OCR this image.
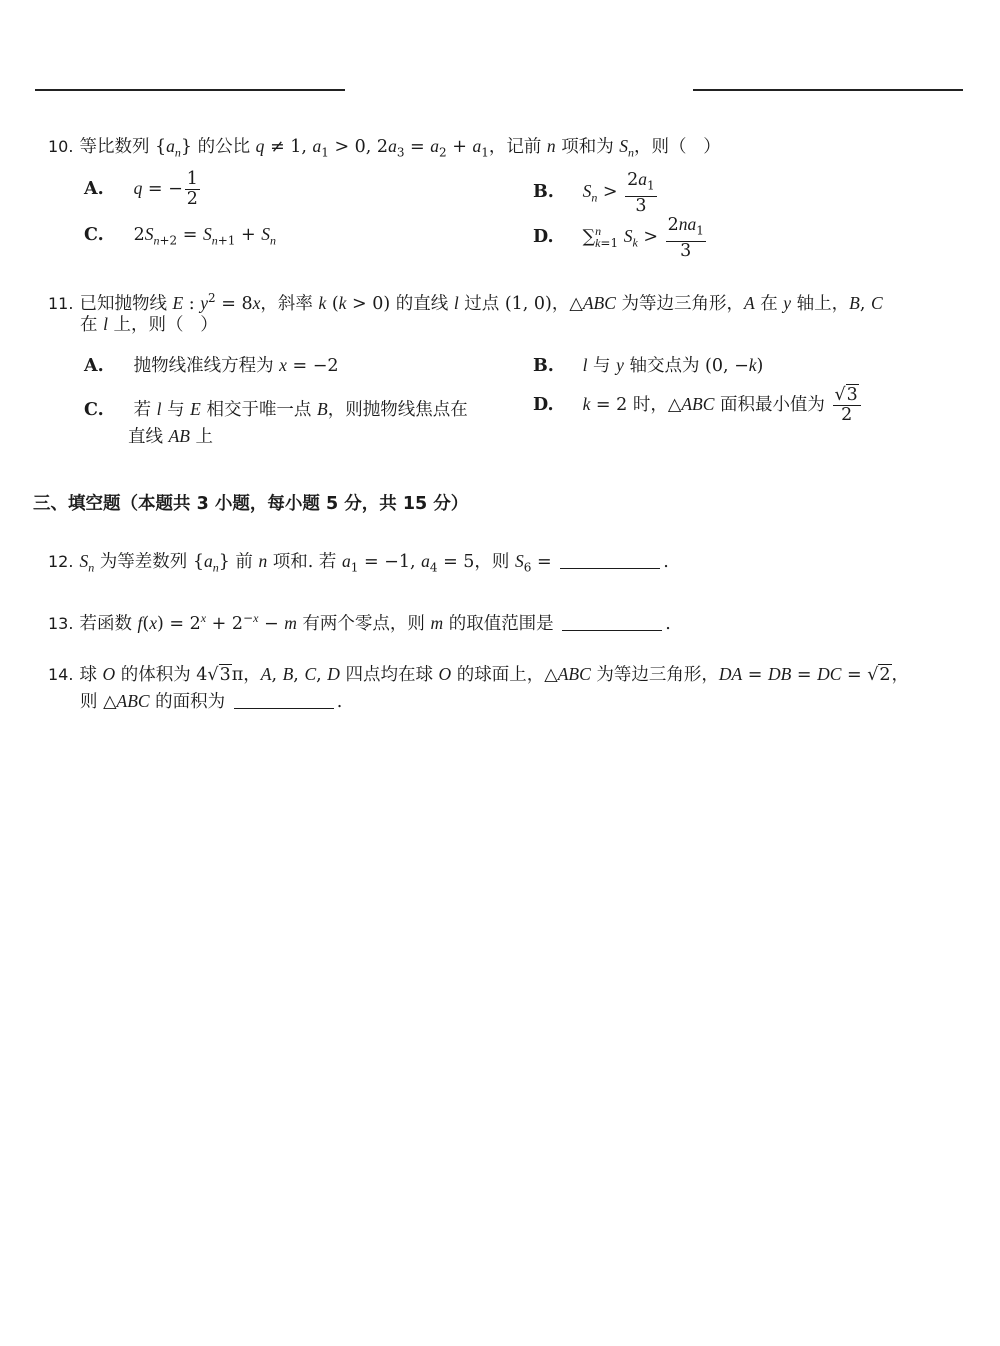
10. 等比数列 $\{a_n\}$ 的公比 q ≠ 1, $a_1 > 0$, $2a_3 = a_2 + a_1$，记前 n 项和为 $S_n$，则（   ）
A. q = − $\frac{1}{2}$	B. $S_n > \frac{2a_1}{3}$
C. $2S_{n+2} = S_{n+1} + S_n$	D. ∑$^n_{k=1}$ $S_k > \frac{2na_1}{3}$
11. 已知抛物线 E : $y^2 = 8x$，斜率 k (k > 0) 的直线 l 过点 (1, 0)，△ABC 为等边三角形，A 在 y 轴上，B, C
在 l 上，则（   ）
A. 抛物线准线方程为 x = −2	B. l 与 y 轴交点为 (0, −k)
C. 若 l 与 E 相交于唯一点 B，则抛物线焦点在
直线 AB 上
D. k = 2 时，△ABC 面积最小值为 $\frac{√3}{2}$
三、填空题（本题共 3 小题，每小题 5 分，共 15 分）
12. $S_n$ 为等差数列 $\{a_n\}$ 前 n 项和. 若 $a_1 = -1$, $a_4 = 5$，则 $S_6$ =	.
13. 若函数 $f(x) = 2^x + 2^{-x} - m$ 有两个零点，则 m 的取值范围是	.
14. 球 O 的体积为 4√3π，A, B, C, D 四点均在球 O 的球面上，△ABC 为等边三角形，DA = DB = DC = √2，
则 △ABC 的面积为	.
